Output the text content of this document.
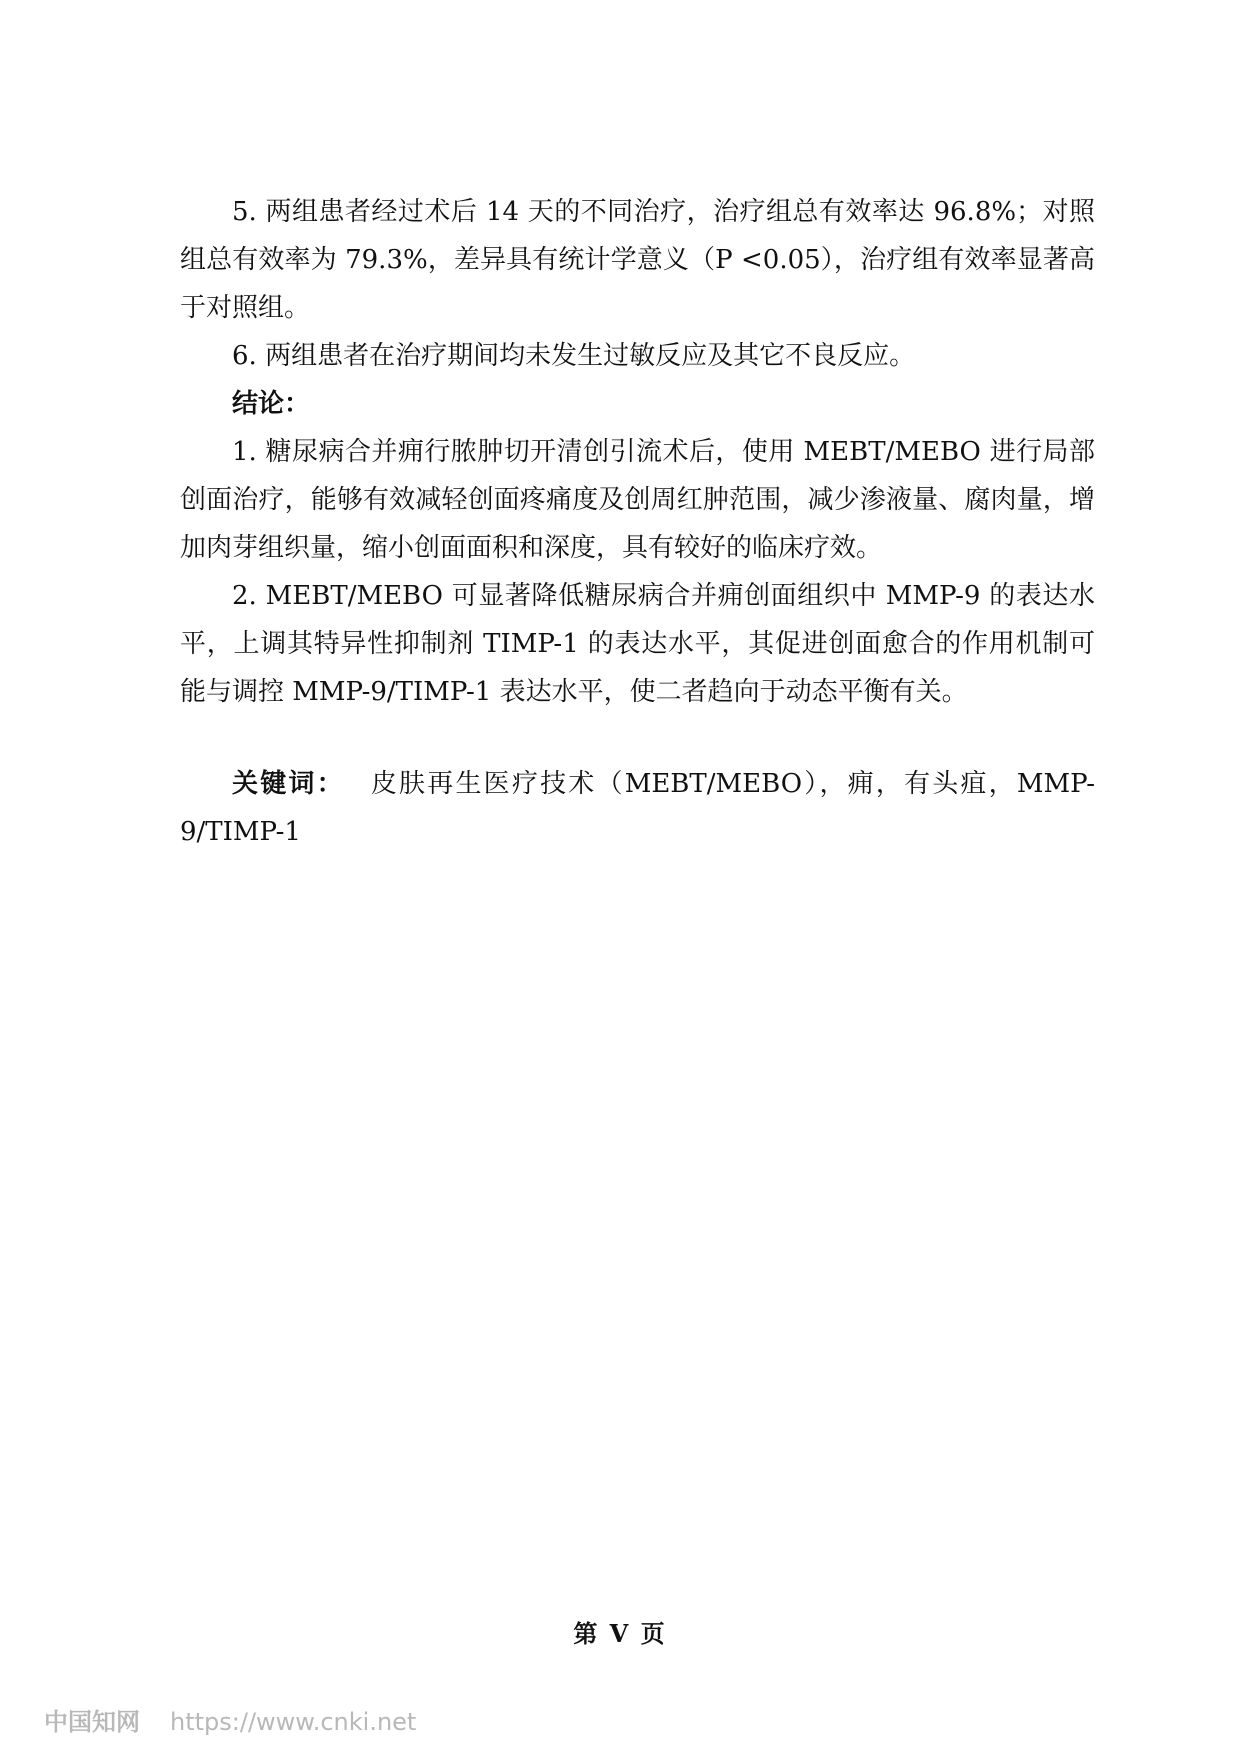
5. 两组患者经过术后 14 天的不同治疗，治疗组总有效率达 96.8%；对照组总有效率为 79.3%，差异具有统计学意义（P <0.05），治疗组有效率显著高于对照组。

6. 两组患者在治疗期间均未发生过敏反应及其它不良反应。

结论：

1. 糖尿病合并痈行脓肿切开清创引流术后，使用 MEBT/MEBO 进行局部创面治疗，能够有效减轻创面疼痛度及创周红肿范围，减少渗液量、腐肉量，增加肉芽组织量，缩小创面面积和深度，具有较好的临床疗效。

2. MEBT/MEBO 可显著降低糖尿病合并痈创面组织中 MMP-9 的表达水平，上调其特异性抑制剂 TIMP-1 的表达水平，其促进创面愈合的作用机制可能与调控 MMP-9/TIMP-1 表达水平，使二者趋向于动态平衡有关。

关键词： 皮肤再生医疗技术（MEBT/MEBO），痈，有头疽，MMP-9/TIMP-1

第 V 页
中国知网 https://www.cnki.net
